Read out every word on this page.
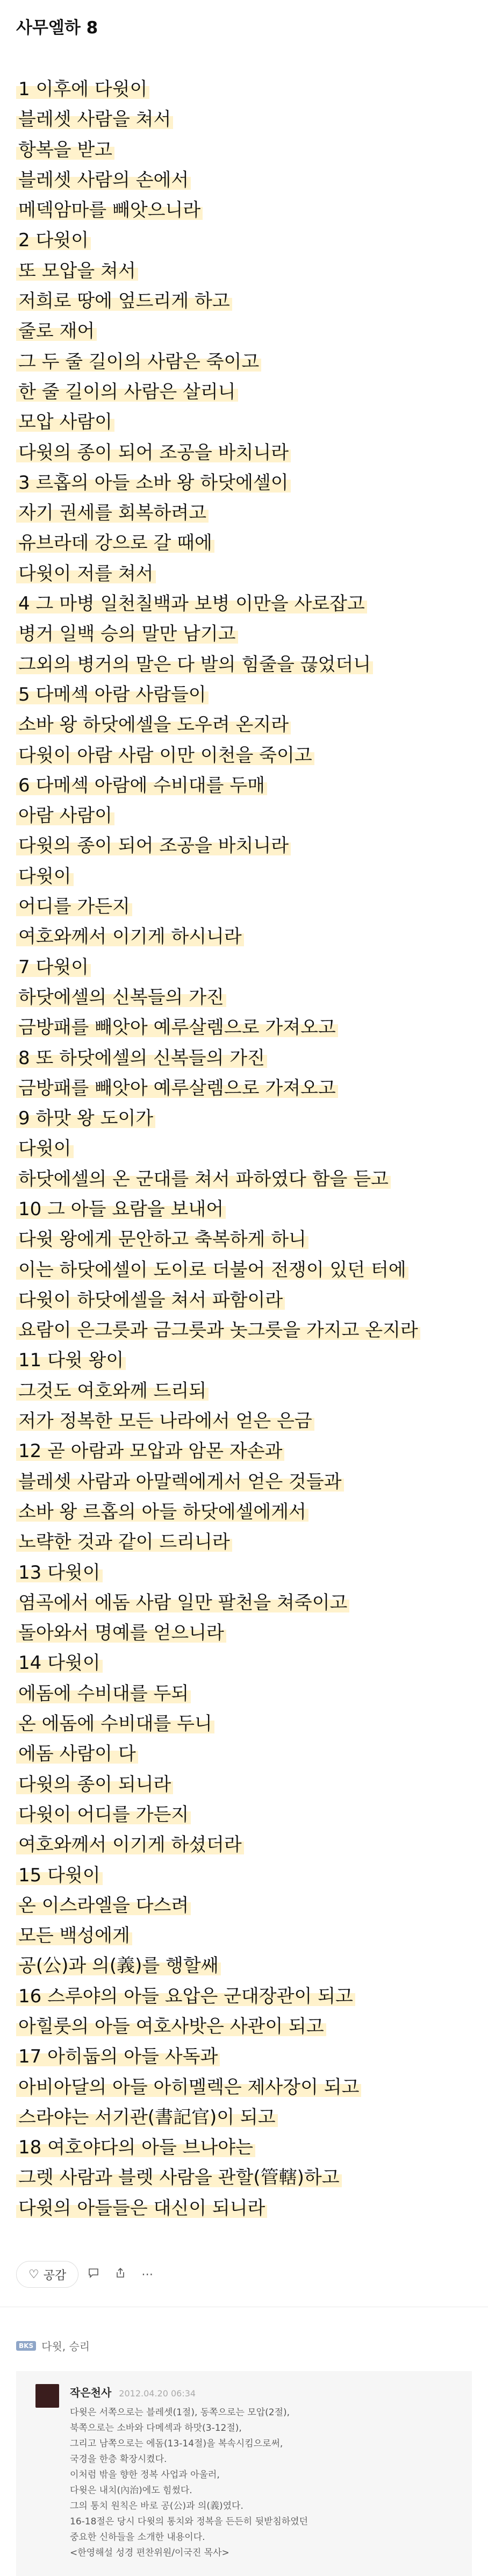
사무엘하 8
1 이후에 다윗이
블레셋 사람을 쳐서
항복을 받고
블레셋 사람의 손에서
메덱암마를 빼앗으니라
2 다윗이
또 모압을 쳐서
저희로 땅에 엎드리게 하고
줄로 재어
그 두 줄 길이의 사람은 죽이고
한 줄 길이의 사람은 살리니
모압 사람이
다윗의 종이 되어 조공을 바치니라
3 르홉의 아들 소바 왕 하닷에셀이
자기 권세를 회복하려고
유브라데 강으로 갈 때에
다윗이 저를 쳐서
4 그 마병 일천칠백과 보병 이만을 사로잡고
병거 일백 승의 말만 남기고
그외의 병거의 말은 다 발의 힘줄을 끊었더니
5 다메섹 아람 사람들이
소바 왕 하닷에셀을 도우려 온지라
다윗이 아람 사람 이만 이천을 죽이고
6 다메섹 아람에 수비대를 두매
아람 사람이
다윗의 종이 되어 조공을 바치니라
다윗이
어디를 가든지
여호와께서 이기게 하시니라
7 다윗이
하닷에셀의 신복들의 가진
금방패를 빼앗아 예루살렘으로 가져오고
8 또 하닷에셀의 신복들의 가진
금방패를 빼앗아 예루살렘으로 가져오고
9 하맛 왕 도이가
다윗이
하닷에셀의 온 군대를 쳐서 파하였다 함을 듣고
10 그 아들 요람을 보내어
다윗 왕에게 문안하고 축복하게 하니
이는 하닷에셀이 도이로 더불어 전쟁이 있던 터에
다윗이 하닷에셀을 쳐서 파함이라
요람이 은그릇과 금그릇과 놋그릇을 가지고 온지라
11 다윗 왕이
그것도 여호와께 드리되
저가 정복한 모든 나라에서 얻은 은금
12 곧 아람과 모압과 암몬 자손과
블레셋 사람과 아말렉에게서 얻은 것들과
소바 왕 르홉의 아들 하닷에셀에게서
노략한 것과 같이 드리니라
13 다윗이
염곡에서 에돔 사람 일만 팔천을 쳐죽이고
돌아와서 명예를 얻으니라
14 다윗이
에돔에 수비대를 두되
온 에돔에 수비대를 두니
에돔 사람이 다
다윗의 종이 되니라
다윗이 어디를 가든지
여호와께서 이기게 하셨더라
15 다윗이
온 이스라엘을 다스려
모든 백성에게
공(公)과 의(義)를 행할쌔
16 스루야의 아들 요압은 군대장관이 되고
아힐룻의 아들 여호사밧은 사관이 되고
17 아히둡의 아들 사독과
아비아달의 아들 아히멜렉은 제사장이 되고
스라야는 서기관(書記官)이 되고
18 여호야다의 아들 브나야는
그렛 사람과 블렛 사람을 관할(管轄)하고
다윗의 아들들은 대신이 되니라
♡ 공감	⋯
BKS 다윗, 승리
작은천사 2012.04.20 06:34

다윗은 서쪽으로는 블레셋(1절), 동쪽으로는 모압(2절),

북쪽으로는 소바와 다메섹과 하맛(3-12절),

그리고 남쪽으로는 에돔(13-14절)을 복속시킴으로써,

국경을 한층 확장시켰다.

이처럼 밖을 향한 정복 사업과 아울러,

다윗은 내치(內治)에도 힘썼다.

그의 통치 원칙은 바로 공(公)과 의(義)였다.

16-18절은 당시 다윗의 통치와 정복을 든든히 뒷받침하였던

중요한 신하들을 소개한 내용이다.

<한영해설 성경 편찬위원/이국진 목사>
